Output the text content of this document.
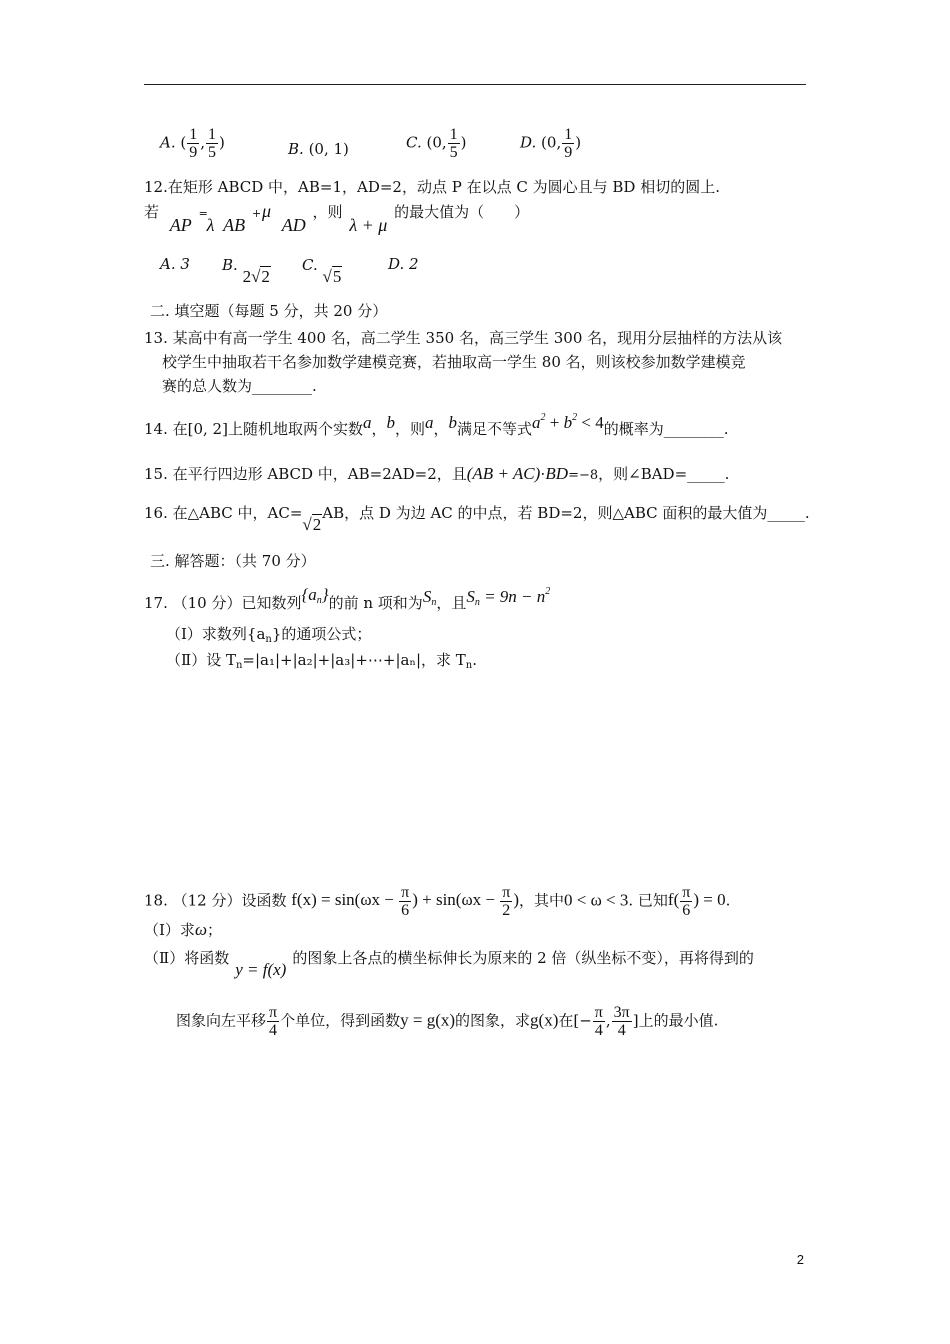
A. ( $\frac{1}{9}$ , $\frac{1}{5}$ )	B. (0, 1)	C. (0, $\frac{1}{5}$ )	D. (0, $\frac{1}{9}$ )
12.在矩形 ABCD 中，AB=1，AD=2，动点 P 在以点 C 为圆心且与 BD 相切的圆上.
若 AP = λ AB + μ AD ，则 λ + μ 的最大值为（　　）
A. 3 B. 2√2
C. √5
D. 2
二. 填空题（每题 5 分，共 20 分）
13. 某高中有高一学生 400 名，高二学生 350 名，高三学生 300 名，现用分层抽样的方法从该
校学生中抽取若干名参加数学建模竞赛，若抽取高一学生 80 名，则该校参加数学建模竞
赛的总人数为________.
14. 在[0, 2]上随机地取两个实数a，b，则a，b满足不等式$a^2 + b^2 < 4$的概率为________.
15. 在平行四边形 ABCD 中，AB=2AD=2，且(AB + AC)⋅BD=−8，则∠BAD=_____.
16. 在△ABC 中，AC=√2AB，点 D 为边 AC 的中点，若 BD=2，则△ABC 面积的最大值为_____.
三. 解答题：（共 70 分）
17. （10 分）已知数列$\{a_n\}$的前 n 项和为$S_n$，且$S_n = 9n - n^2$
（Ⅰ）求数列$\{a_n\}$的通项公式；
（Ⅱ）设 $T_n=|a_1|+|a_2|+|a_3|+\cdots+|a_n|$，求 $T_n$.
18. （12 分）设函数 $f(x) = \sin(\omega x - \frac{\pi}{6}$ ) + $\sin(\omega x - \frac{\pi}{2}$ )，其中0 < ω < 3. 已知$f( \frac{\pi}{6}$ ) = 0.
（Ⅰ）求ω；
（Ⅱ）将函数y = f(x)的图象上各点的横坐标伸长为原来的 2 倍（纵坐标不变），再将得到的
图象向左平移 $\frac{\pi}{4}$ 个单位，得到函数y = g(x)的图象，求g(x)在[− $\frac{\pi}{4}$ , $\frac{3\pi}{4}$ ]上的最小值.
2
